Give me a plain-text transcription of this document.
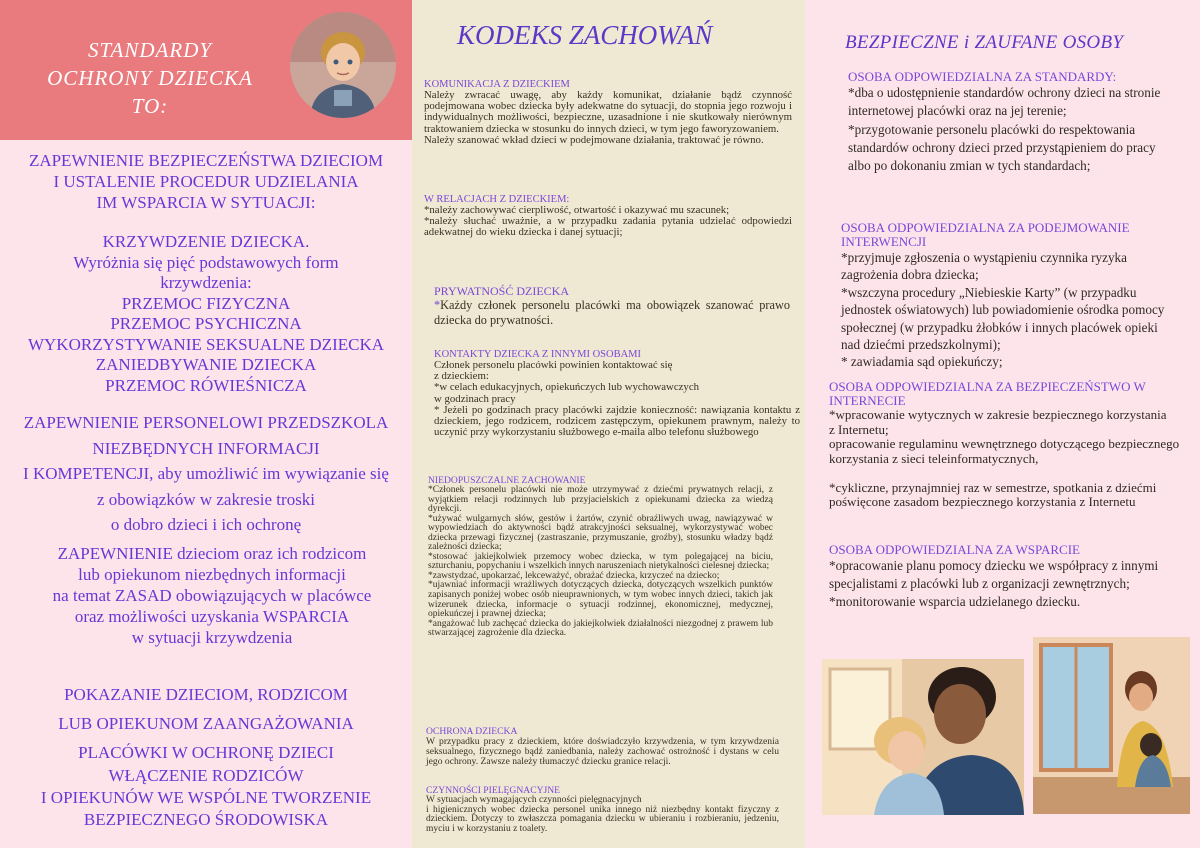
STANDARDY
OCHRONY DZIECKA
TO:
ZAPEWNIENIE BEZPIECZEŃSTWA DZIECIOM
I USTALENIE PROCEDUR UDZIELANIA
IM WSPARCIA W SYTUACJI:
KRZYWDZENIE DZIECKA.
Wyróżnia się pięć podstawowych form
krzywdzenia:
PRZEMOC FIZYCZNA
PRZEMOC PSYCHICZNA
WYKORZYSTYWANIE SEKSUALNE DZIECKA
ZANIEDBYWANIE DZIECKA
PRZEMOC RÓWIEŚNICZA
ZAPEWNIENIE PERSONELOWI PRZEDSZKOLA
NIEZBĘDNYCH INFORMACJI
I KOMPETENCJI, aby umożliwić im wywiązanie się
z obowiązków w zakresie troski
o dobro dzieci i ich ochronę
ZAPEWNIENIE dzieciom oraz ich rodzicom
lub opiekunom niezbędnych informacji
na temat ZASAD obowiązujących w placówce
oraz możliwości uzyskania WSPARCIA
w sytuacji krzywdzenia
POKAZANIE DZIECIOM, RODZICOM
LUB OPIEKUNOM ZAANGAŻOWANIA
PLACÓWKI W OCHRONĘ DZIECI
WŁĄCZENIE RODZICÓW
I OPIEKUNÓW WE WSPÓLNE TWORZENIE
BEZPIECZNEGO ŚRODOWISKA
KODEKS ZACHOWAŃ
KOMUNIKACJA Z DZIECKIEM
Należy zwracać uwagę, aby każdy komunikat, działanie bądź czynność podejmowana wobec dziecka były adekwatne do sytuacji, do stopnia jego rozwoju i indywidualnych możliwości, bezpieczne, uzasadnione i nie skutkowały nierównym traktowaniem dziecka w stosunku do innych dzieci, w tym jego faworyzowaniem.
Należy szanować wkład dzieci w podejmowane działania, traktować je równo.
W RELACJACH Z DZIECKIEM:
*należy zachowywać cierpliwość, otwartość i okazywać mu szacunek;
*należy słuchać uważnie, a w przypadku zadania pytania udzielać odpowiedzi adekwatnej do wieku dziecka i danej sytuacji;
PRYWATNOŚĆ DZIECKA
*Każdy członek personelu placówki ma obowiązek szanować prawo dziecka do prywatności.
KONTAKTY DZIECKA Z INNYMI OSOBAMI
Członek personelu placówki powinien kontaktować się
z dzieckiem:
*w celach edukacyjnych, opiekuńczych lub wychowawczych
w godzinach pracy
* Jeżeli po godzinach pracy placówki zajdzie konieczność: nawiązania kontaktu z dzieckiem, jego rodzicem, rodzicem zastępczym, opiekunem prawnym, należy to uczynić przy wykorzystaniu służbowego e-maila albo telefonu służbowego
NIEDOPUSZCZALNE ZACHOWANIE
*Członek personelu placówki nie może utrzymywać z dziećmi prywatnych relacji, z wyjątkiem relacji rodzinnych lub przyjacielskich z opiekunami dziecka za wiedzą dyrekcji.
*używać wulgarnych słów, gestów i żartów, czynić obraźliwych uwag, nawiązywać w wypowiedziach do aktywności bądź atrakcyjności seksualnej, wykorzystywać wobec dziecka przewagi fizycznej (zastraszanie, przymuszanie, groźby), stosunku władzy bądź zależności dziecka;
*stosować jakiejkolwiek przemocy wobec dziecka, w tym polegającej na biciu, szturchaniu, popychaniu i wszelkich innych naruszeniach nietykalności cielesnej dziecka;
*zawstydzać, upokarzać, lekceważyć, obrażać dziecka, krzyczeć na dziecko;
*ujawniać informacji wrażliwych dotyczących dziecka, dotyczących wszelkich punktów zapisanych poniżej wobec osób nieuprawnionych, w tym wobec innych dzieci, takich jak wizerunek dziecka, informacje o sytuacji rodzinnej, ekonomicznej, medycznej, opiekuńczej i prawnej dziecka;
*angażować lub zachęcać dziecka do jakiejkolwiek działalności niezgodnej z prawem lub stwarzającej zagrożenie dla dziecka.
OCHRONA DZIECKA
W przypadku pracy z dzieckiem, które doświadczyło krzywdzenia, w tym krzywdzenia seksualnego, fizycznego bądź zaniedbania, należy zachować ostrożność i dystans w celu jego ochrony. Zawsze należy tłumaczyć dziecku granice relacji.
CZYNNOŚCI PIELĘGNACYJNE
W sytuacjach wymagających czynności pielęgnacyjnych
i higienicznych wobec dziecka personel unika innego niż niezbędny kontakt fizyczny z dzieckiem. Dotyczy to zwłaszcza pomagania dziecku w ubieraniu i rozbieraniu, jedzeniu, myciu i w korzystaniu z toalety.
BEZPIECZNE i ZAUFANE OSOBY
OSOBA ODPOWIEDZIALNA ZA STANDARDY:
*dba o udostępnienie standardów ochrony dzieci na stronie internetowej placówki oraz na jej terenie;
*przygotowanie personelu placówki do respektowania standardów ochrony dzieci przed przystąpieniem do pracy albo po dokonaniu zmian w tych standardach;
OSOBA ODPOWIEDZIALNA ZA PODEJMOWANIE INTERWENCJI
*przyjmuje zgłoszenia o wystąpieniu czynnika ryzyka zagrożenia dobra dziecka;
*wszczyna procedury „Niebieskie Karty” (w przypadku jednostek oświatowych) lub powiadomienie ośrodka pomocy społecznej (w przypadku żłobków i innych placówek opieki nad dziećmi przedszkolnymi);
* zawiadamia sąd opiekuńczy;
OSOBA ODPOWIEDZIALNA ZA BEZPIECZEŃSTWO W INTERNECIE
*wpracowanie wytycznych w zakresie bezpiecznego korzystania
z Internetu;
opracowanie regulaminu wewnętrznego dotyczącego bezpiecznego korzystania z sieci teleinformatycznych,

*cykliczne, przynajmniej raz w semestrze, spotkania z dziećmi poświęcone zasadom bezpiecznego korzystania z Internetu
OSOBA ODPOWIEDZIALNA ZA WSPARCIE
*opracowanie planu pomocy dziecku we współpracy z innymi specjalistami z placówki lub z organizacji zewnętrznych;
*monitorowanie wsparcia udzielanego dziecku.
